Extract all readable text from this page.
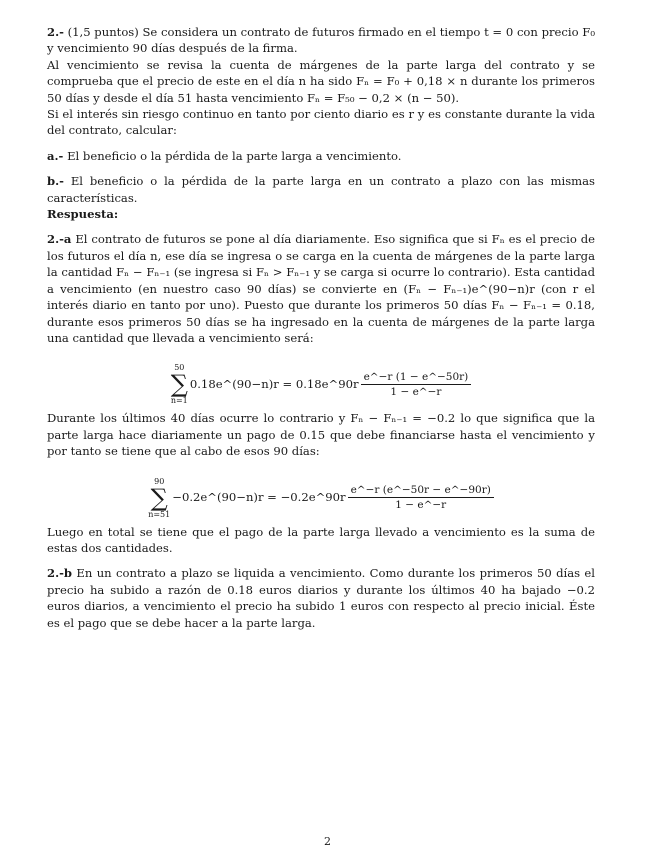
2.- (1,5 puntos) Se considera un contrato de futuros firmado en el tiempo t = 0 con precio F₀ y vencimiento 90 días después de la firma.

Al vencimiento se revisa la cuenta de márgenes de la parte larga del contrato y se comprueba que el precio de este en el día n ha sido Fₙ = F₀ + 0,18 × n durante los primeros 50 días y desde el día 51 hasta vencimiento Fₙ = F₅₀ − 0,2 × (n − 50).

Si el interés sin riesgo continuo en tanto por ciento diario es r y es constante durante la vida del contrato, calcular:

a.- El beneficio o la pérdida de la parte larga a vencimiento.

b.- El beneficio o la pérdida de la parte larga en un contrato a plazo con las mismas características.

Respuesta:

2.-a El contrato de futuros se pone al día diariamente. Eso significa que si Fₙ es el precio de los futuros el día n, ese día se ingresa o se carga en la cuenta de márgenes de la parte larga la cantidad Fₙ − Fₙ₋₁ (se ingresa si Fₙ > Fₙ₋₁ y se carga si ocurre lo contrario). Esta cantidad a vencimiento (en nuestro caso 90 días) se convierte en (Fₙ − Fₙ₋₁)e^(90−n)r (con r el interés diario en tanto por uno). Puesto que durante los primeros 50 días Fₙ − Fₙ₋₁ = 0.18, durante esos primeros 50 días se ha ingresado en la cuenta de márgenes de la parte larga una cantidad que llevada a vencimiento será:

50
∑
n=1
0.18e^(90−n)r = 0.18e^90r $\frac{e\^{}-r (1 - e\^{}-50r)}{1 - e\^{}-r}$

Durante los últimos 40 días ocurre lo contrario y Fₙ − Fₙ₋₁ = −0.2 lo que significa que la parte larga hace diariamente un pago de 0.15 que debe financiarse hasta el vencimiento y por tanto se tiene que al cabo de esos 90 días:

90
∑
n=51
−0.2e^(90−n)r = −0.2e^90r $\frac{e\^{}-r (e\^{}-50r - e\^{}-90r)}{1 - e\^{}-r}$

Luego en total se tiene que el pago de la parte larga llevado a vencimiento es la suma de estas dos cantidades.

2.-b En un contrato a plazo se liquida a vencimiento. Como durante los primeros 50 días el precio ha subido a razón de 0.18 euros diarios y durante los últimos 40 ha bajado −0.2 euros diarios, a vencimiento el precio ha subido 1 euros con respecto al precio inicial. Éste es el pago que se debe hacer a la parte larga.

2
